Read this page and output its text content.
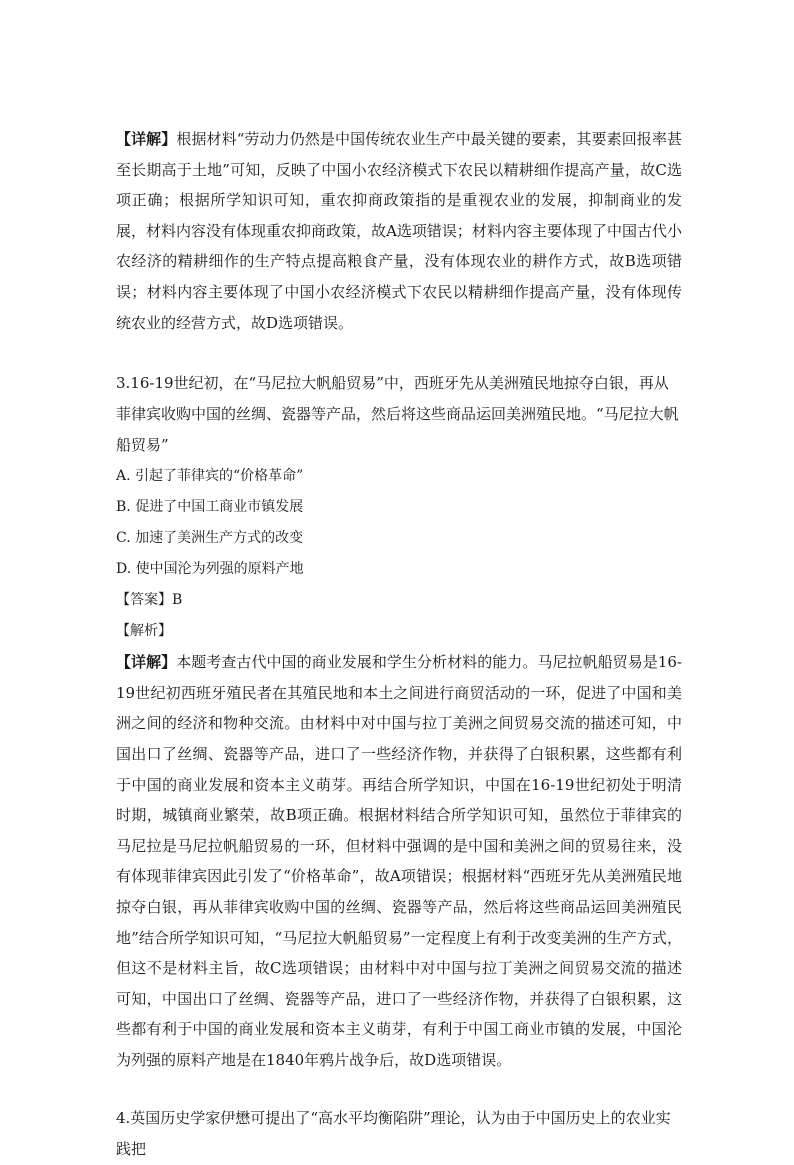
【详解】根据材料“劳动力仍然是中国传统农业生产中最关键的要素，其要素回报率甚至长期高于土地”可知，反映了中国小农经济模式下农民以精耕细作提高产量，故C选项正确；根据所学知识可知，重农抑商政策指的是重视农业的发展，抑制商业的发展，材料内容没有体现重农抑商政策，故A选项错误；材料内容主要体现了中国古代小农经济的精耕细作的生产特点提高粮食产量，没有体现农业的耕作方式，故B选项错误；材料内容主要体现了中国小农经济模式下农民以精耕细作提高产量，没有体现传统农业的经营方式，故D选项错误。

3.16-19世纪初，在“马尼拉大帆船贸易”中，西班牙先从美洲殖民地掠夺白银，再从菲律宾收购中国的丝绸、瓷器等产品，然后将这些商品运回美洲殖民地。“马尼拉大帆船贸易”

A. 引起了菲律宾的“价格革命”

B. 促进了中国工商业市镇发展

C. 加速了美洲生产方式的改变

D. 使中国沦为列强的原料产地

【答案】B

【解析】

【详解】本题考查古代中国的商业发展和学生分析材料的能力。马尼拉帆船贸易是16-19世纪初西班牙殖民者在其殖民地和本土之间进行商贸活动的一环，促进了中国和美洲之间的经济和物种交流。由材料中对中国与拉丁美洲之间贸易交流的描述可知，中国出口了丝绸、瓷器等产品，进口了一些经济作物，并获得了白银积累，这些都有利于中国的商业发展和资本主义萌芽。再结合所学知识，中国在16-19世纪初处于明清时期，城镇商业繁荣，故B项正确。根据材料结合所学知识可知，虽然位于菲律宾的马尼拉是马尼拉帆船贸易的一环，但材料中强调的是中国和美洲之间的贸易往来，没有体现菲律宾因此引发了“价格革命”，故A项错误；根据材料“西班牙先从美洲殖民地掠夺白银，再从菲律宾收购中国的丝绸、瓷器等产品，然后将这些商品运回美洲殖民地”结合所学知识可知，“马尼拉大帆船贸易”一定程度上有利于改变美洲的生产方式，但这不是材料主旨，故C选项错误；由材料中对中国与拉丁美洲之间贸易交流的描述可知，中国出口了丝绸、瓷器等产品，进口了一些经济作物，并获得了白银积累，这些都有利于中国的商业发展和资本主义萌芽，有利于中国工商业市镇的发展，中国沦为列强的原料产地是在1840年鸦片战争后，故D选项错误。

4.英国历史学家伊懋可提出了“高水平均衡陷阱”理论，认为由于中国历史上的农业实践把
